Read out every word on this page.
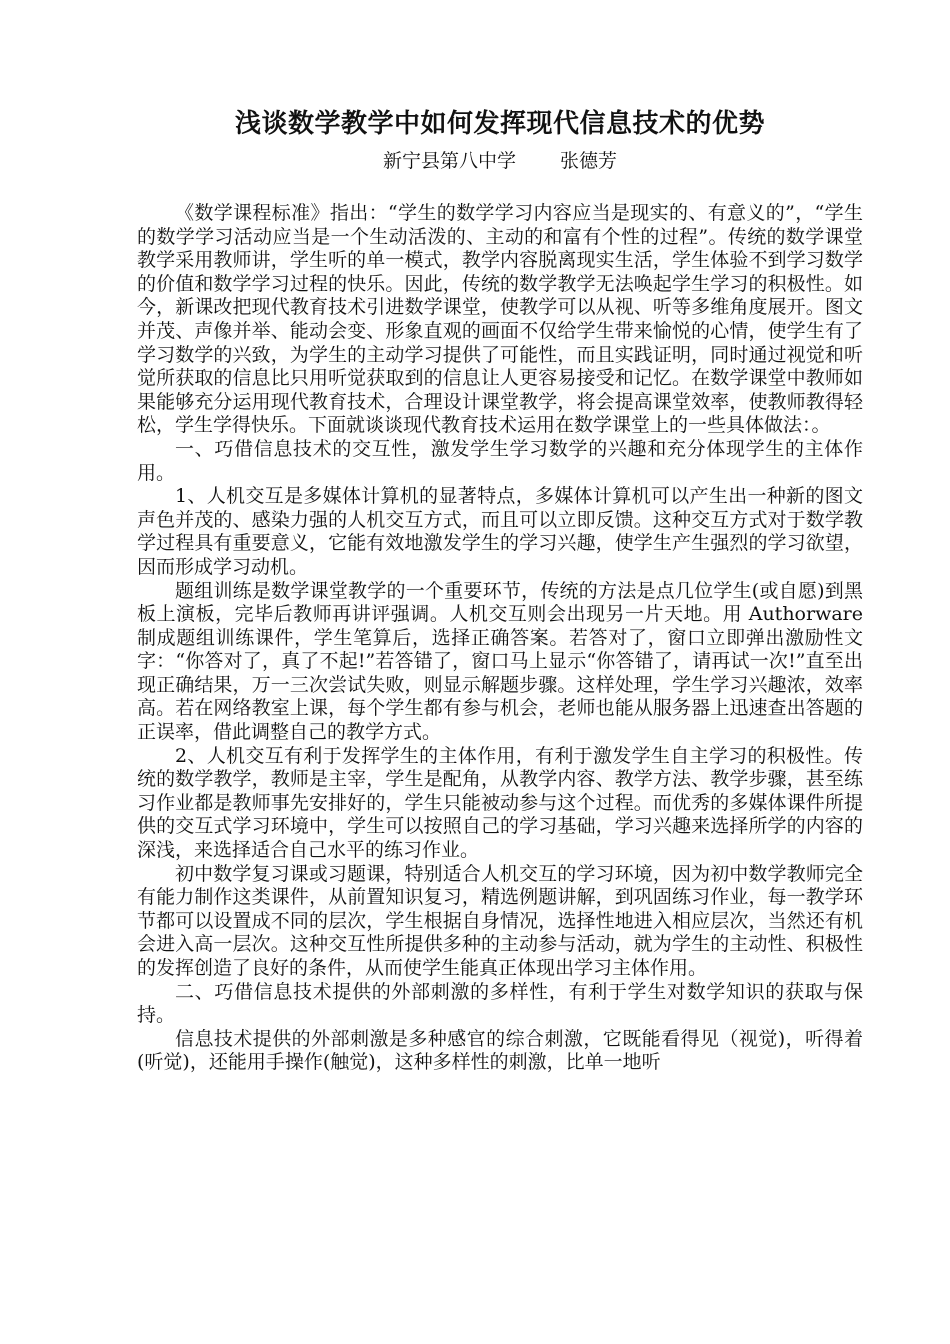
浅谈数学教学中如何发挥现代信息技术的优势
新宁县第八中学 张德芳

《数学课程标准》指出：“学生的数学学习内容应当是现实的、有意义的”，“学生的数学学习活动应当是一个生动活泼的、主动的和富有个性的过程”。传统的数学课堂教学采用教师讲，学生听的单一模式，教学内容脱离现实生活，学生体验不到学习数学的价值和数学学习过程的快乐。因此，传统的数学教学无法唤起学生学习的积极性。如今，新课改把现代教育技术引进数学课堂，使教学可以从视、听等多维角度展开。图文并茂、声像并举、能动会变、形象直观的画面不仅给学生带来愉悦的心情，使学生有了学习数学的兴致，为学生的主动学习提供了可能性，而且实践证明，同时通过视觉和听觉所获取的信息比只用听觉获取到的信息让人更容易接受和记忆。在数学课堂中教师如果能够充分运用现代教育技术，合理设计课堂教学，将会提高课堂效率，使教师教得轻松，学生学得快乐。下面就谈谈现代教育技术运用在数学课堂上的一些具体做法：。

一、巧借信息技术的交互性，激发学生学习数学的兴趣和充分体现学生的主体作用。

1、人机交互是多媒体计算机的显著特点，多媒体计算机可以产生出一种新的图文声色并茂的、感染力强的人机交互方式，而且可以立即反馈。这种交互方式对于数学教学过程具有重要意义，它能有效地激发学生的学习兴趣，使学生产生强烈的学习欲望，因而形成学习动机。

题组训练是数学课堂教学的一个重要环节，传统的方法是点几位学生(或自愿)到黑板上演板，完毕后教师再讲评强调。人机交互则会出现另一片天地。用 Authorware 制成题组训练课件，学生笔算后，选择正确答案。若答对了，窗口立即弹出激励性文字：“你答对了，真了不起!”若答错了，窗口马上显示“你答错了，请再试一次!”直至出现正确结果，万一三次尝试失败，则显示解题步骤。这样处理，学生学习兴趣浓，效率高。若在网络教室上课，每个学生都有参与机会，老师也能从服务器上迅速查出答题的正误率，借此调整自己的教学方式。

2、人机交互有利于发挥学生的主体作用，有利于激发学生自主学习的积极性。传统的数学教学，教师是主宰，学生是配角，从教学内容、教学方法、教学步骤，甚至练习作业都是教师事先安排好的，学生只能被动参与这个过程。而优秀的多媒体课件所提供的交互式学习环境中，学生可以按照自己的学习基础，学习兴趣来选择所学的内容的深浅，来选择适合自己水平的练习作业。

初中数学复习课或习题课，特别适合人机交互的学习环境，因为初中数学教师完全有能力制作这类课件，从前置知识复习，精选例题讲解，到巩固练习作业，每一教学环节都可以设置成不同的层次，学生根据自身情况，选择性地进入相应层次，当然还有机会进入高一层次。这种交互性所提供多种的主动参与活动，就为学生的主动性、积极性的发挥创造了良好的条件，从而使学生能真正体现出学习主体作用。

二、巧借信息技术提供的外部刺激的多样性，有利于学生对数学知识的获取与保持。

信息技术提供的外部刺激是多种感官的综合刺激，它既能看得见（视觉)，听得着(听觉)，还能用手操作(触觉)，这种多样性的刺激，比单一地听
